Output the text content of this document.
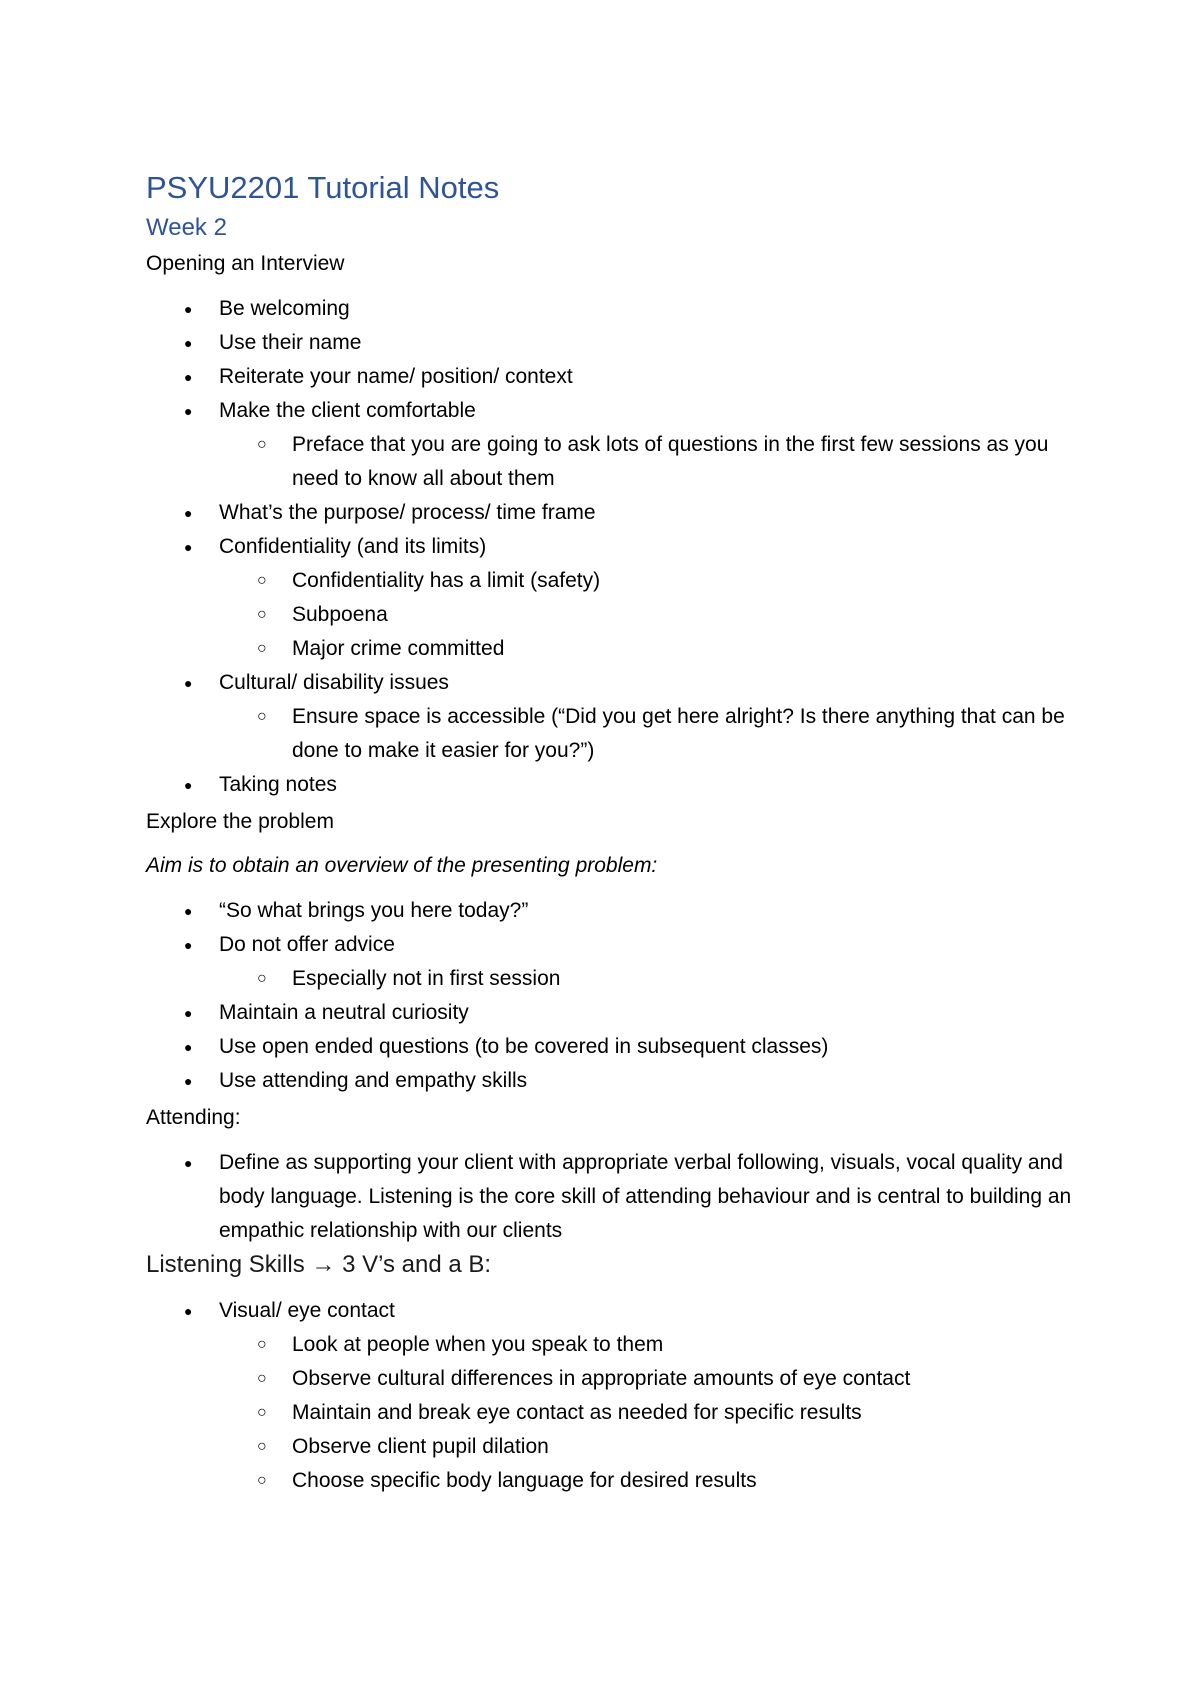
PSYU2201 Tutorial Notes
Week 2
Opening an Interview
● Be welcoming
● Use their name
● Reiterate your name/ position/ context
● Make the client comfortable
○ Preface that you are going to ask lots of questions in the first few sessions as you need to know all about them
● What’s the purpose/ process/ time frame
● Confidentiality (and its limits)
○ Confidentiality has a limit (safety)
○ Subpoena
○ Major crime committed
● Cultural/ disability issues
○ Ensure space is accessible (“Did you get here alright? Is there anything that can be done to make it easier for you?”)
● Taking notes
Explore the problem
Aim is to obtain an overview of the presenting problem:
● “So what brings you here today?”
● Do not offer advice
○ Especially not in first session
● Maintain a neutral curiosity
● Use open ended questions (to be covered in subsequent classes)
● Use attending and empathy skills
Attending:
● Define as supporting your client with appropriate verbal following, visuals, vocal quality and body language. Listening is the core skill of attending behaviour and is central to building an empathic relationship with our clients
Listening Skills → 3 V’s and a B:
● Visual/ eye contact
○ Look at people when you speak to them
○ Observe cultural differences in appropriate amounts of eye contact
○ Maintain and break eye contact as needed for specific results
○ Observe client pupil dilation
○ Choose specific body language for desired results
